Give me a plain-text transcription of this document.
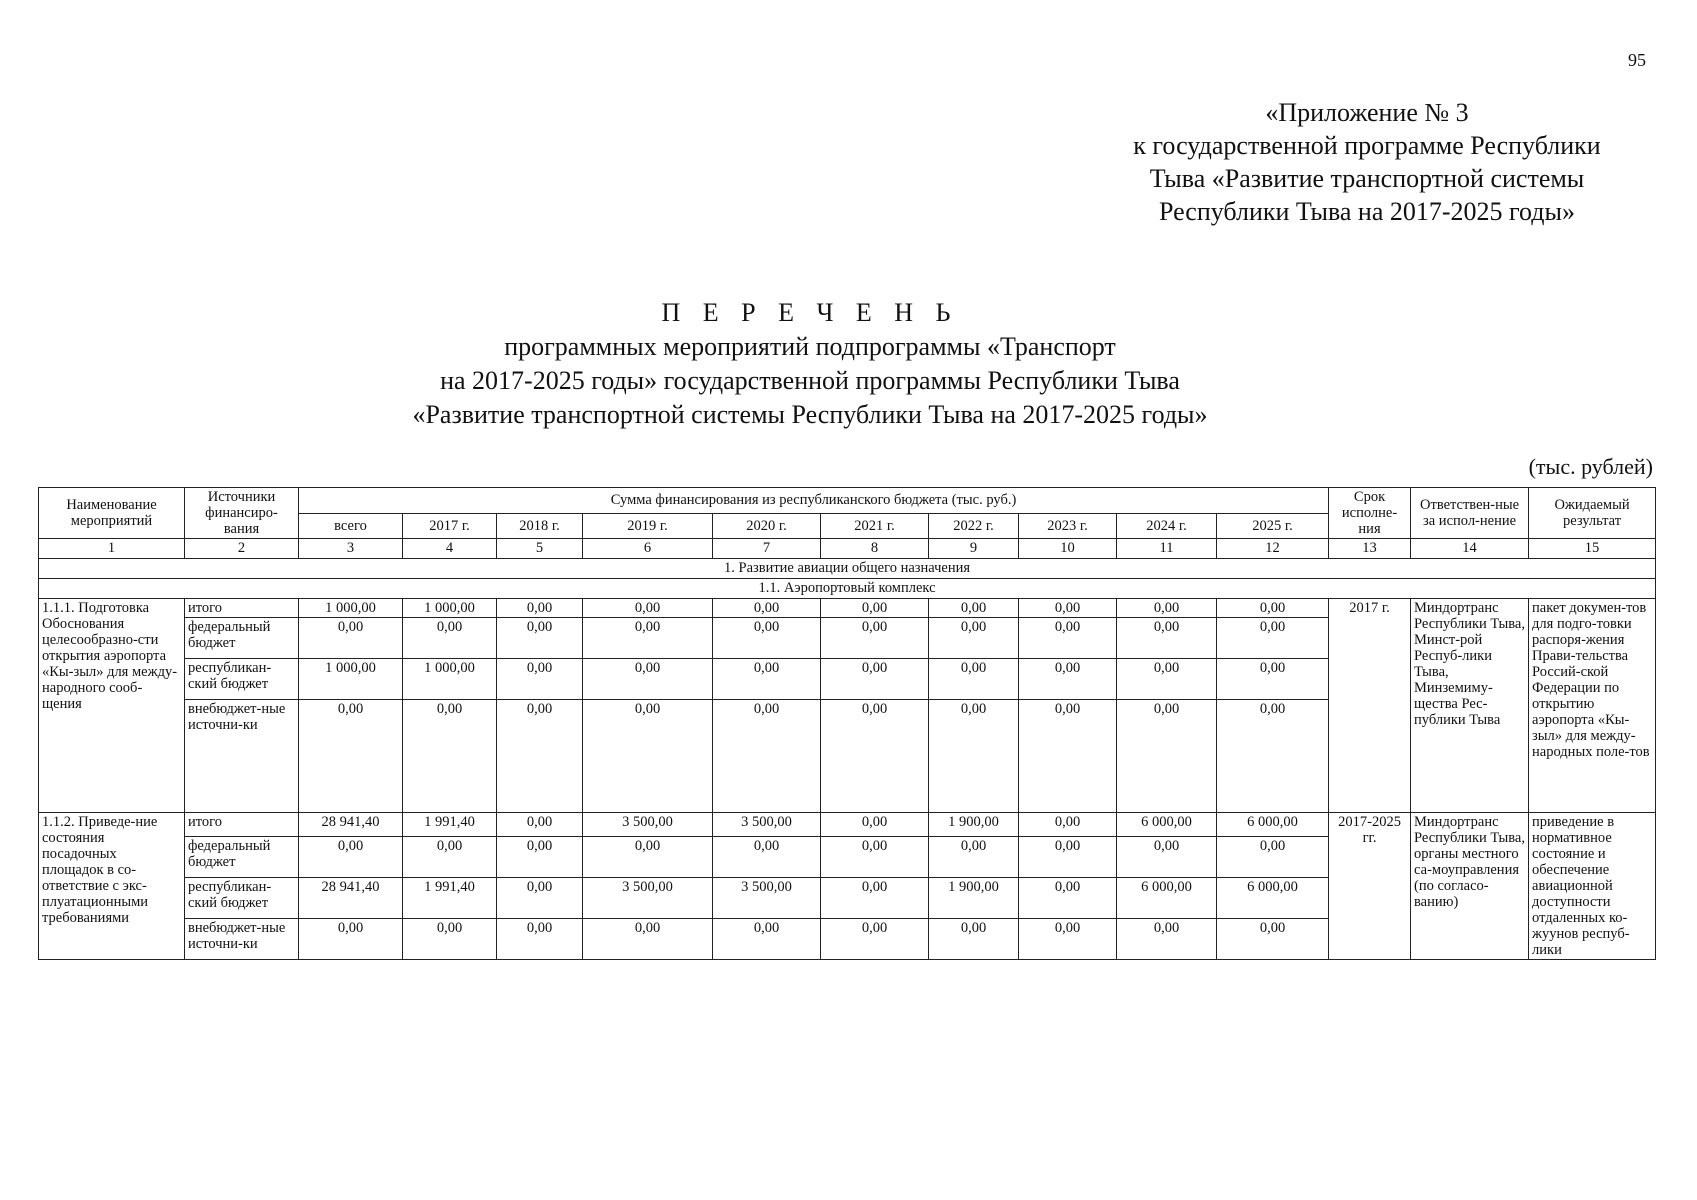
95
«Приложение № 3
к государственной программе Республики
Тыва «Развитие транспортной системы
Республики Тыва на 2017-2025 годы»
П Е Р Е Ч Е Н Ь
программных мероприятий подпрограммы «Транспорт
на 2017-2025 годы» государственной программы Республики Тыва
«Развитие транспортной системы Республики Тыва на 2017-2025 годы»
(тыс. рублей)
Наименование мероприятий	Источники финансиро-вания	Сумма финансирования из республиканского бюджета (тыс. руб.)										Срок исполне-ния	Ответствен-ные за испол-нение	Ожидаемый результат
		всего	2017 г.	2018 г.	2019 г.	2020 г.	2021 г.	2022 г.	2023 г.	2024 г.	2025 г.			
1	2	3	4	5	6	7	8	9	10	11	12	13	14	15
1. Развитие авиации общего назначения														
1.1. Аэропортовый комплекс														
1.1.1. Подготовка Обоснования целесообразно-сти открытия аэропорта «Кы-зыл» для между-народного сооб-щения	итого	1 000,00	1 000,00	0,00	0,00	0,00	0,00	0,00	0,00	0,00	0,00	2017 г.	Миндортранс Республики Тыва, Минст-рой Респуб-лики Тыва, Минземиму-щества Рес-публики Тыва	пакет докумен-тов для подго-товки распоря-жения Прави-тельства Россий-ской Федерации по открытию аэропорта «Кы-зыл» для между-народных поле-тов
	федеральный бюджет	0,00	0,00	0,00	0,00	0,00	0,00	0,00	0,00	0,00	0,00			
	республикан-ский бюджет	1 000,00	1 000,00	0,00	0,00	0,00	0,00	0,00	0,00	0,00	0,00			
	внебюджет-ные источни-ки	0,00	0,00	0,00	0,00	0,00	0,00	0,00	0,00	0,00	0,00			
1.1.2. Приведе-ние состояния посадочных площадок в со-ответствие с экс-плуатационными требованиями	итого	28 941,40	1 991,40	0,00	3 500,00	3 500,00	0,00	1 900,00	0,00	6 000,00	6 000,00	2017-2025 гг.	Миндортранс Республики Тыва, органы местного са-моуправления (по согласо-ванию)	приведение в нормативное состояние и обеспечение авиационной доступности отдаленных ко-жуунов респуб-лики
	федеральный бюджет	0,00	0,00	0,00	0,00	0,00	0,00	0,00	0,00	0,00	0,00			
	республикан-ский бюджет	28 941,40	1 991,40	0,00	3 500,00	3 500,00	0,00	1 900,00	0,00	6 000,00	6 000,00			
	внебюджет-ные источни-ки	0,00	0,00	0,00	0,00	0,00	0,00	0,00	0,00	0,00	0,00			
